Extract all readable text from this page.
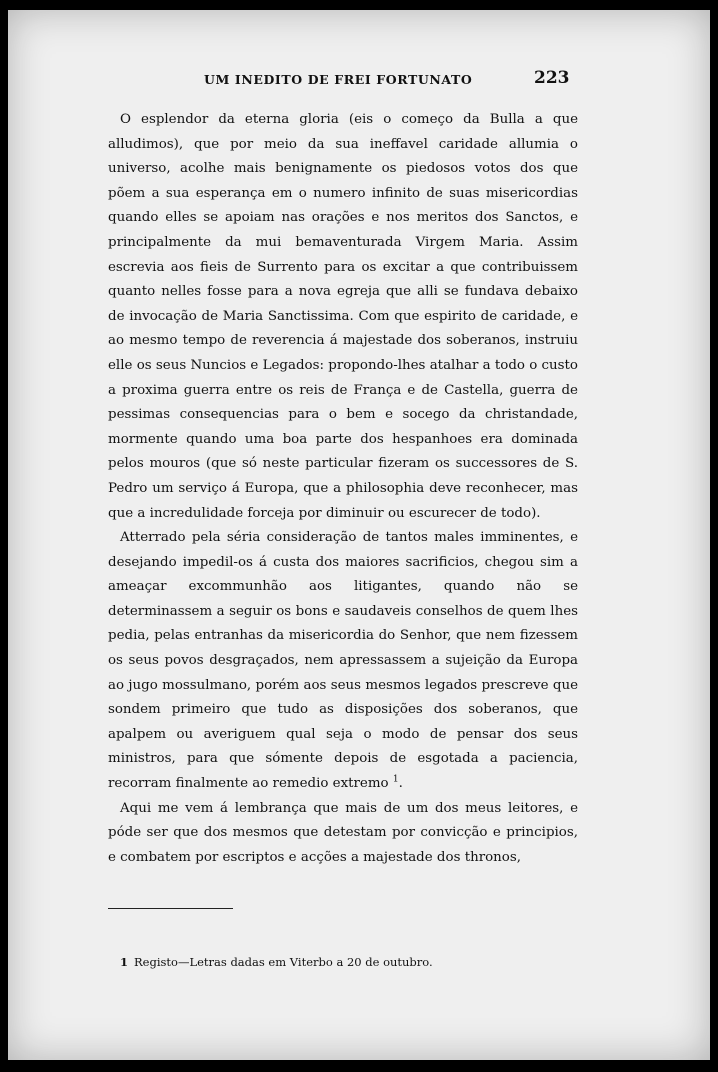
UM INEDITO DE FREI FORTUNATO	223

O esplendor da eterna gloria (eis o começo da Bulla a que alludimos), que por meio da sua ineffavel caridade allumia o universo, acolhe mais benignamente os piedosos votos dos que põem a sua esperança em o numero infinito de suas misericordias quando elles se apoiam nas orações e nos meritos dos Sanctos, e principalmente da mui bemaventurada Virgem Maria. Assim escrevia aos fieis de Surrento para os excitar a que contribuissem quanto nelles fosse para a nova egreja que alli se fundava debaixo de invocação de Maria Sanctissima. Com que espirito de caridade, e ao mesmo tempo de reverencia á majestade dos soberanos, instruiu elle os seus Nuncios e Legados: propondo-lhes atalhar a todo o custo a proxima guerra entre os reis de França e de Castella, guerra de pessimas consequencias para o bem e socego da christandade, mormente quando uma boa parte dos hespanhoes era dominada pelos mouros (que só neste particular fizeram os successores de S. Pedro um serviço á Europa, que a philosophia deve reconhecer, mas que a incredulidade forceja por diminuir ou escurecer de todo).

Atterrado pela séria consideração de tantos males imminentes, e desejando impedil-os á custa dos maiores sacrificios, chegou sim a ameaçar excommunhão aos litigantes, quando não se determinassem a seguir os bons e saudaveis conselhos de quem lhes pedia, pelas entranhas da misericordia do Senhor, que nem fizessem os seus povos desgraçados, nem apressassem a sujeição da Europa ao jugo mossulmano, porém aos seus mesmos legados prescreve que sondem primeiro que tudo as disposições dos soberanos, que apalpem ou averiguem qual seja o modo de pensar dos seus ministros, para que sómente depois de esgotada a paciencia, recorram finalmente ao remedio extremo $^1$.

Aqui me vem á lembrança que mais de um dos meus leitores, e póde ser que dos mesmos que detestam por convicção e principios, e combatem por escriptos e acções a majestade dos thronos,

1 Registo—Letras dadas em Viterbo a 20 de outubro.
